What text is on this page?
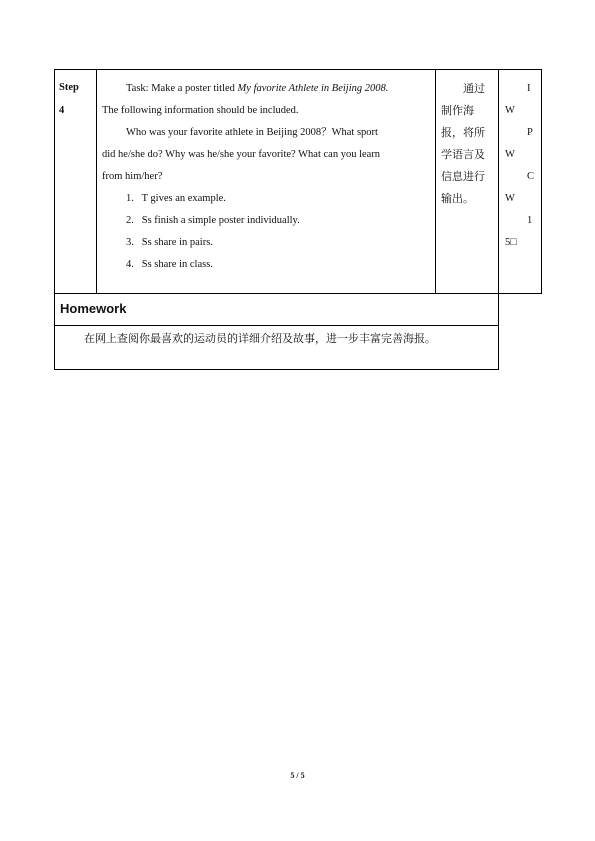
Step
4
Task: Make a poster titled My favorite Athlete in Beijing 2008.
The following information should be included.
Who was your favorite athlete in Beijing 2008？What sport
did he/she do? Why was he/she your favorite? What can you learn
from him/her?
1. T gives an example.
2. Ss finish a simple poster individually.
3. Ss share in pairs.
4. Ss share in class.
通过
制作海
报，将所
学语言及
信息进行
输出。
I
W
P
W
C
W
1
5□
Homework
在网上查阅你最喜欢的运动员的详细介绍及故事，进一步丰富完善海报。
5 / 5
